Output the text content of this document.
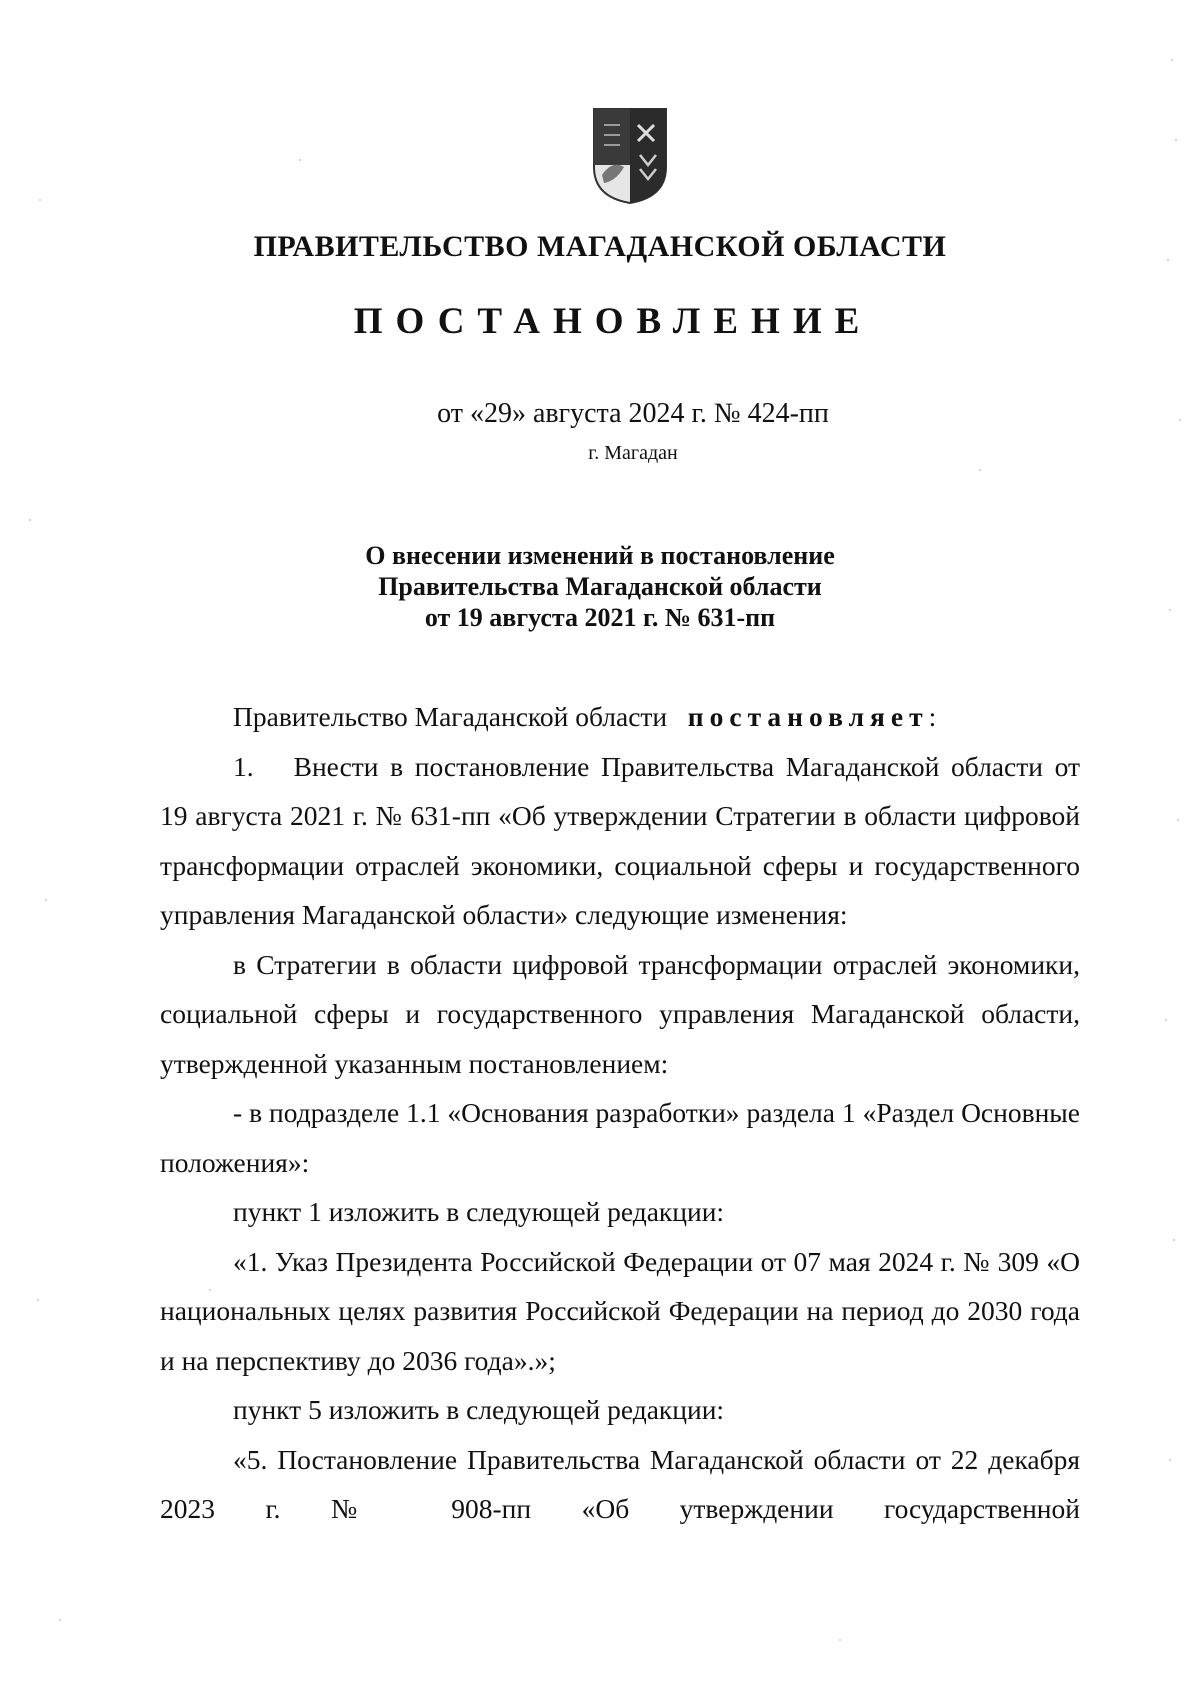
ПРАВИТЕЛЬСТВО МАГАДАНСКОЙ ОБЛАСТИ
ПОСТАНОВЛЕНИЕ
от «29» августа 2024 г. № 424-пп
г. Магадан
О внесении изменений в постановление
Правительства Магаданской области
от 19 августа 2021 г. № 631-пп

Правительство Магаданской области постановляет:

1. Внести в постановление Правительства Магаданской области от 19 августа 2021 г. № 631-пп «Об утверждении Стратегии в области цифровой трансформации отраслей экономики, социальной сферы и государственного управления Магаданской области» следующие изменения:

в Стратегии в области цифровой трансформации отраслей экономики, социальной сферы и государственного управления Магаданской области, утвержденной указанным постановлением:

- в подразделе 1.1 «Основания разработки» раздела 1 «Раздел Основные положения»:

пункт 1 изложить в следующей редакции:

«1. Указ Президента Российской Федерации от 07 мая 2024 г. № 309 «О национальных целях развития Российской Федерации на период до 2030 года и на перспективу до 2036 года».»;

пункт 5 изложить в следующей редакции:

«5. Постановление Правительства Магаданской области от 22 декабря 2023 г. № 908-пп «Об утверждении государственной
